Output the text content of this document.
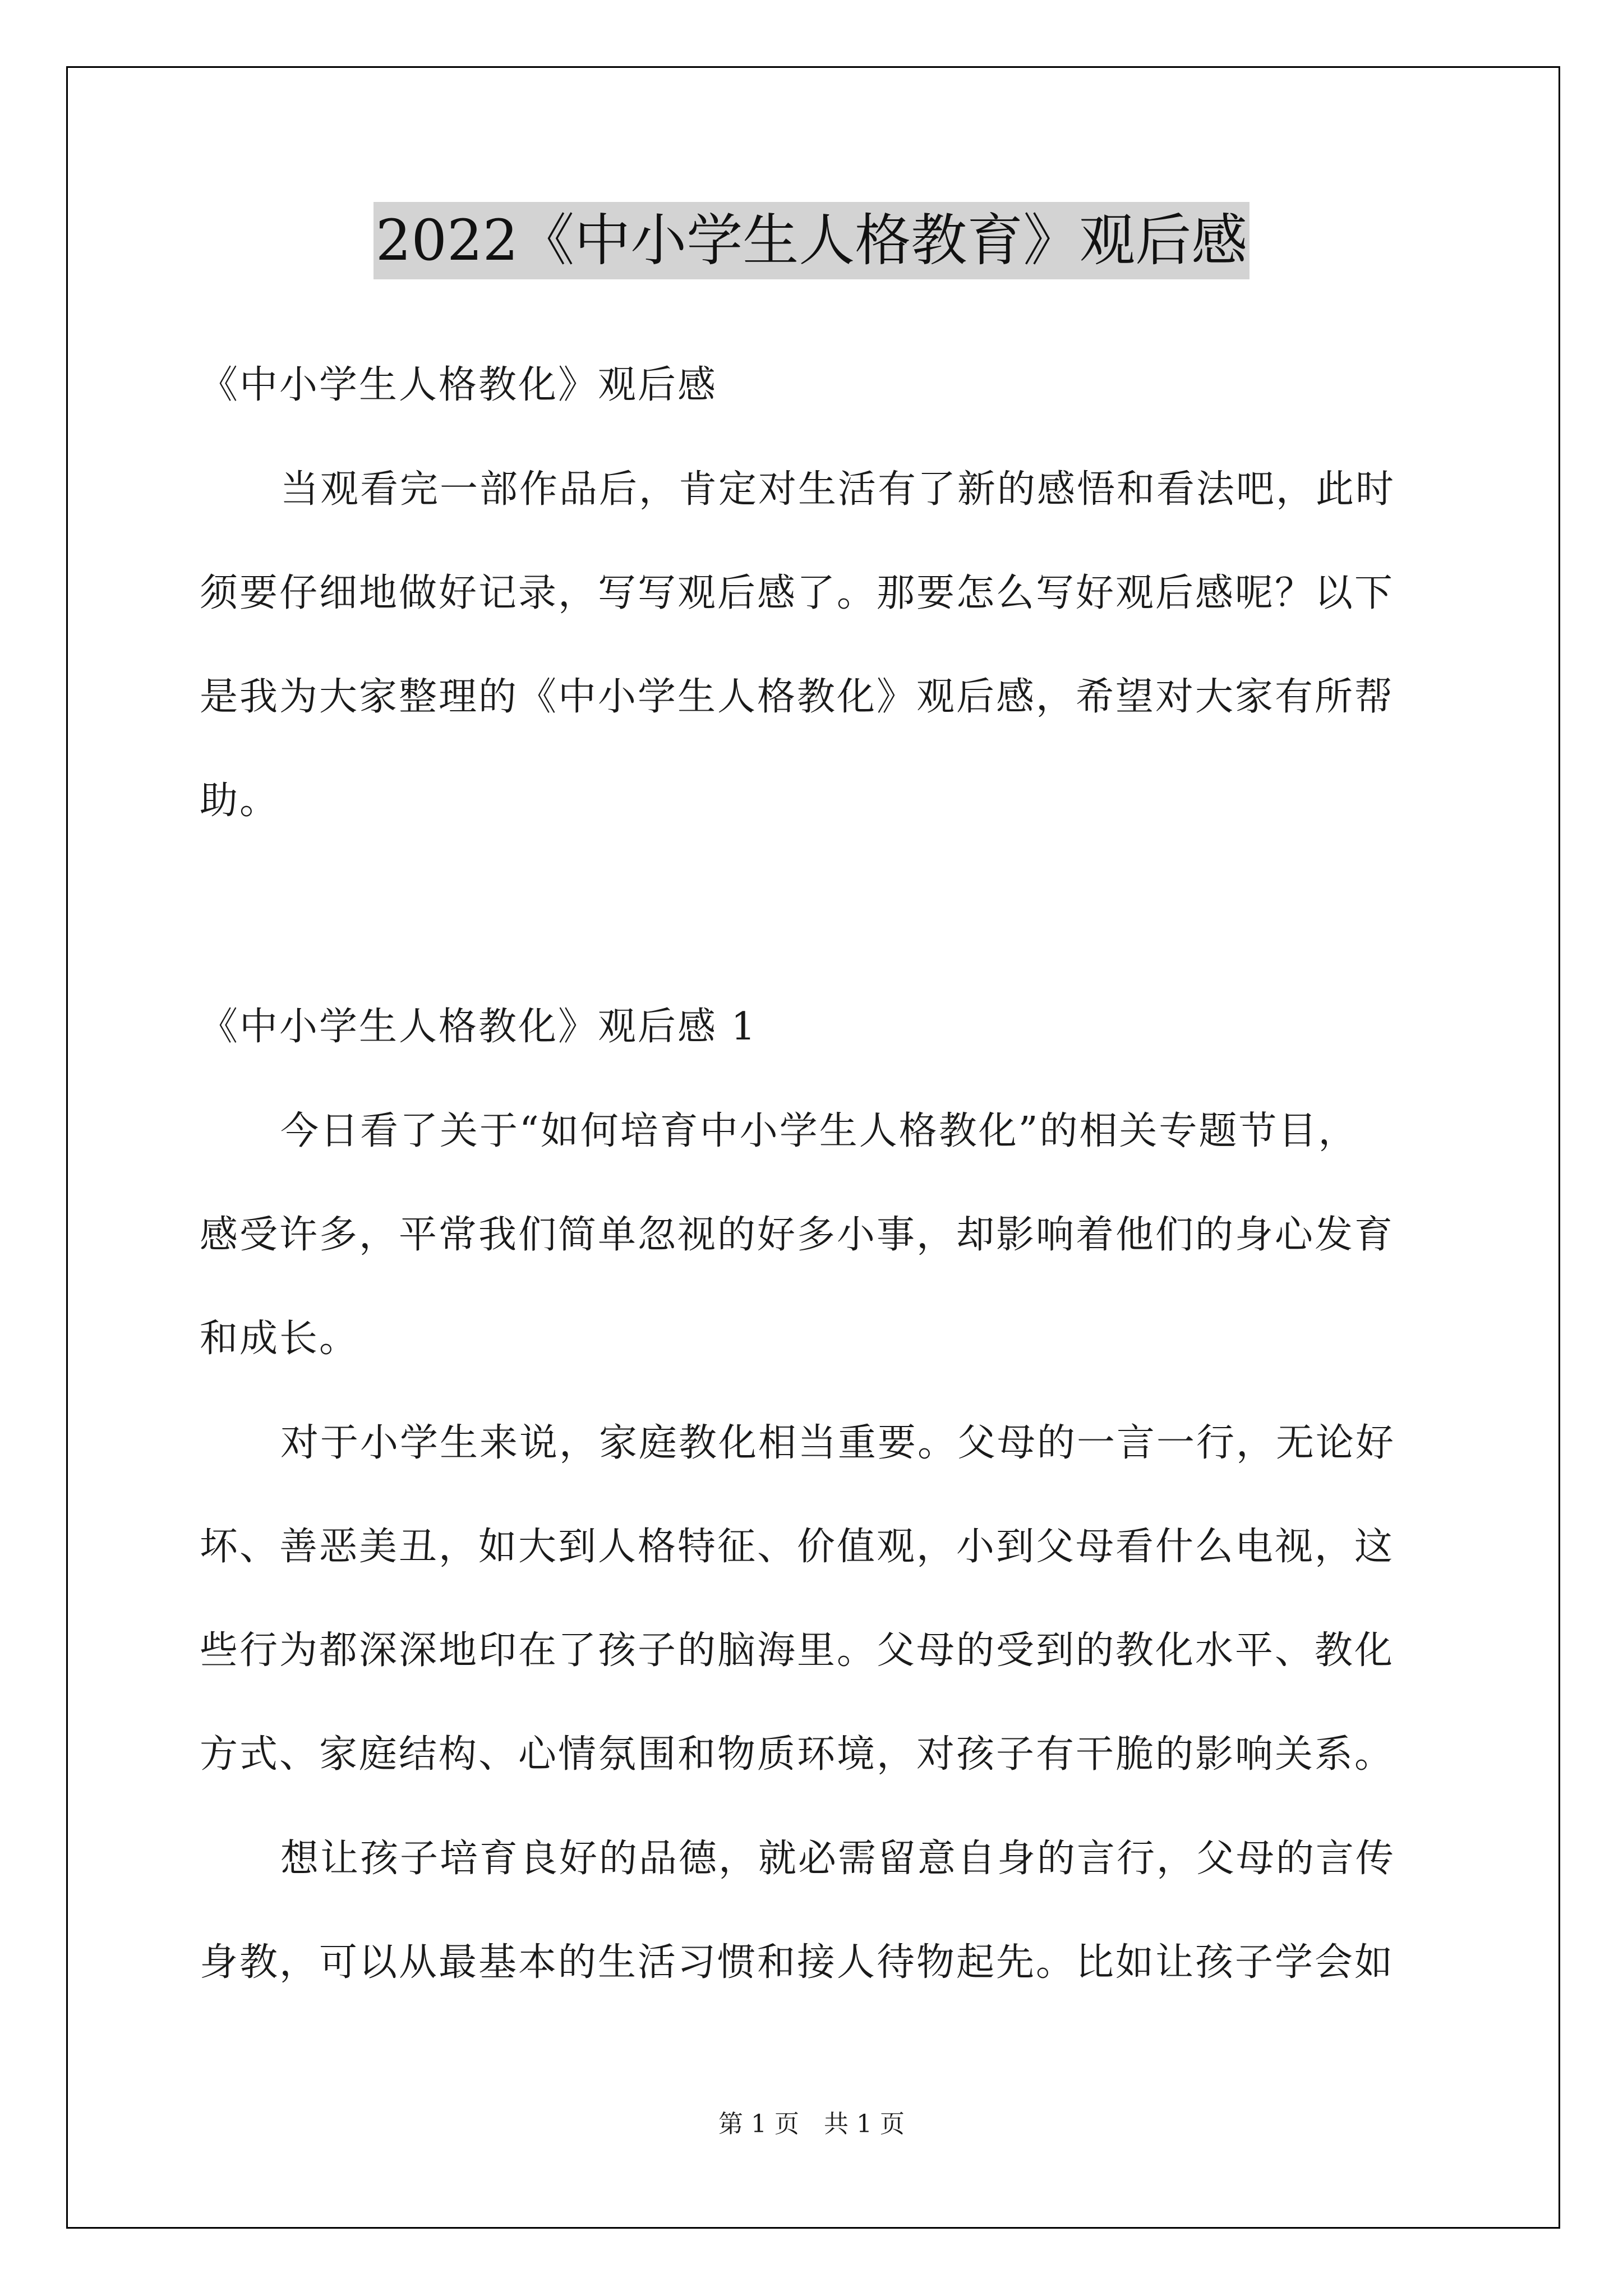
2022《中小学生人格教育》观后感
《中小学生人格教化》观后感
当观看完一部作品后，肯定对生活有了新的感悟和看法吧，此时
须要仔细地做好记录，写写观后感了。那要怎么写好观后感呢？以下
是我为大家整理的《中小学生人格教化》观后感，希望对大家有所帮
助。
《中小学生人格教化》观后感 1
今日看了关于“如何培育中小学生人格教化”的相关专题节目，
感受许多，平常我们简单忽视的好多小事，却影响着他们的身心发育
和成长。
对于小学生来说，家庭教化相当重要。父母的一言一行，无论好
坏、善恶美丑，如大到人格特征、价值观，小到父母看什么电视，这
些行为都深深地印在了孩子的脑海里。父母的受到的教化水平、教化
方式、家庭结构、心情氛围和物质环境，对孩子有干脆的影响关系。
想让孩子培育良好的品德，就必需留意自身的言行，父母的言传
身教，可以从最基本的生活习惯和接人待物起先。比如让孩子学会如
第 1 页　共 1 页
